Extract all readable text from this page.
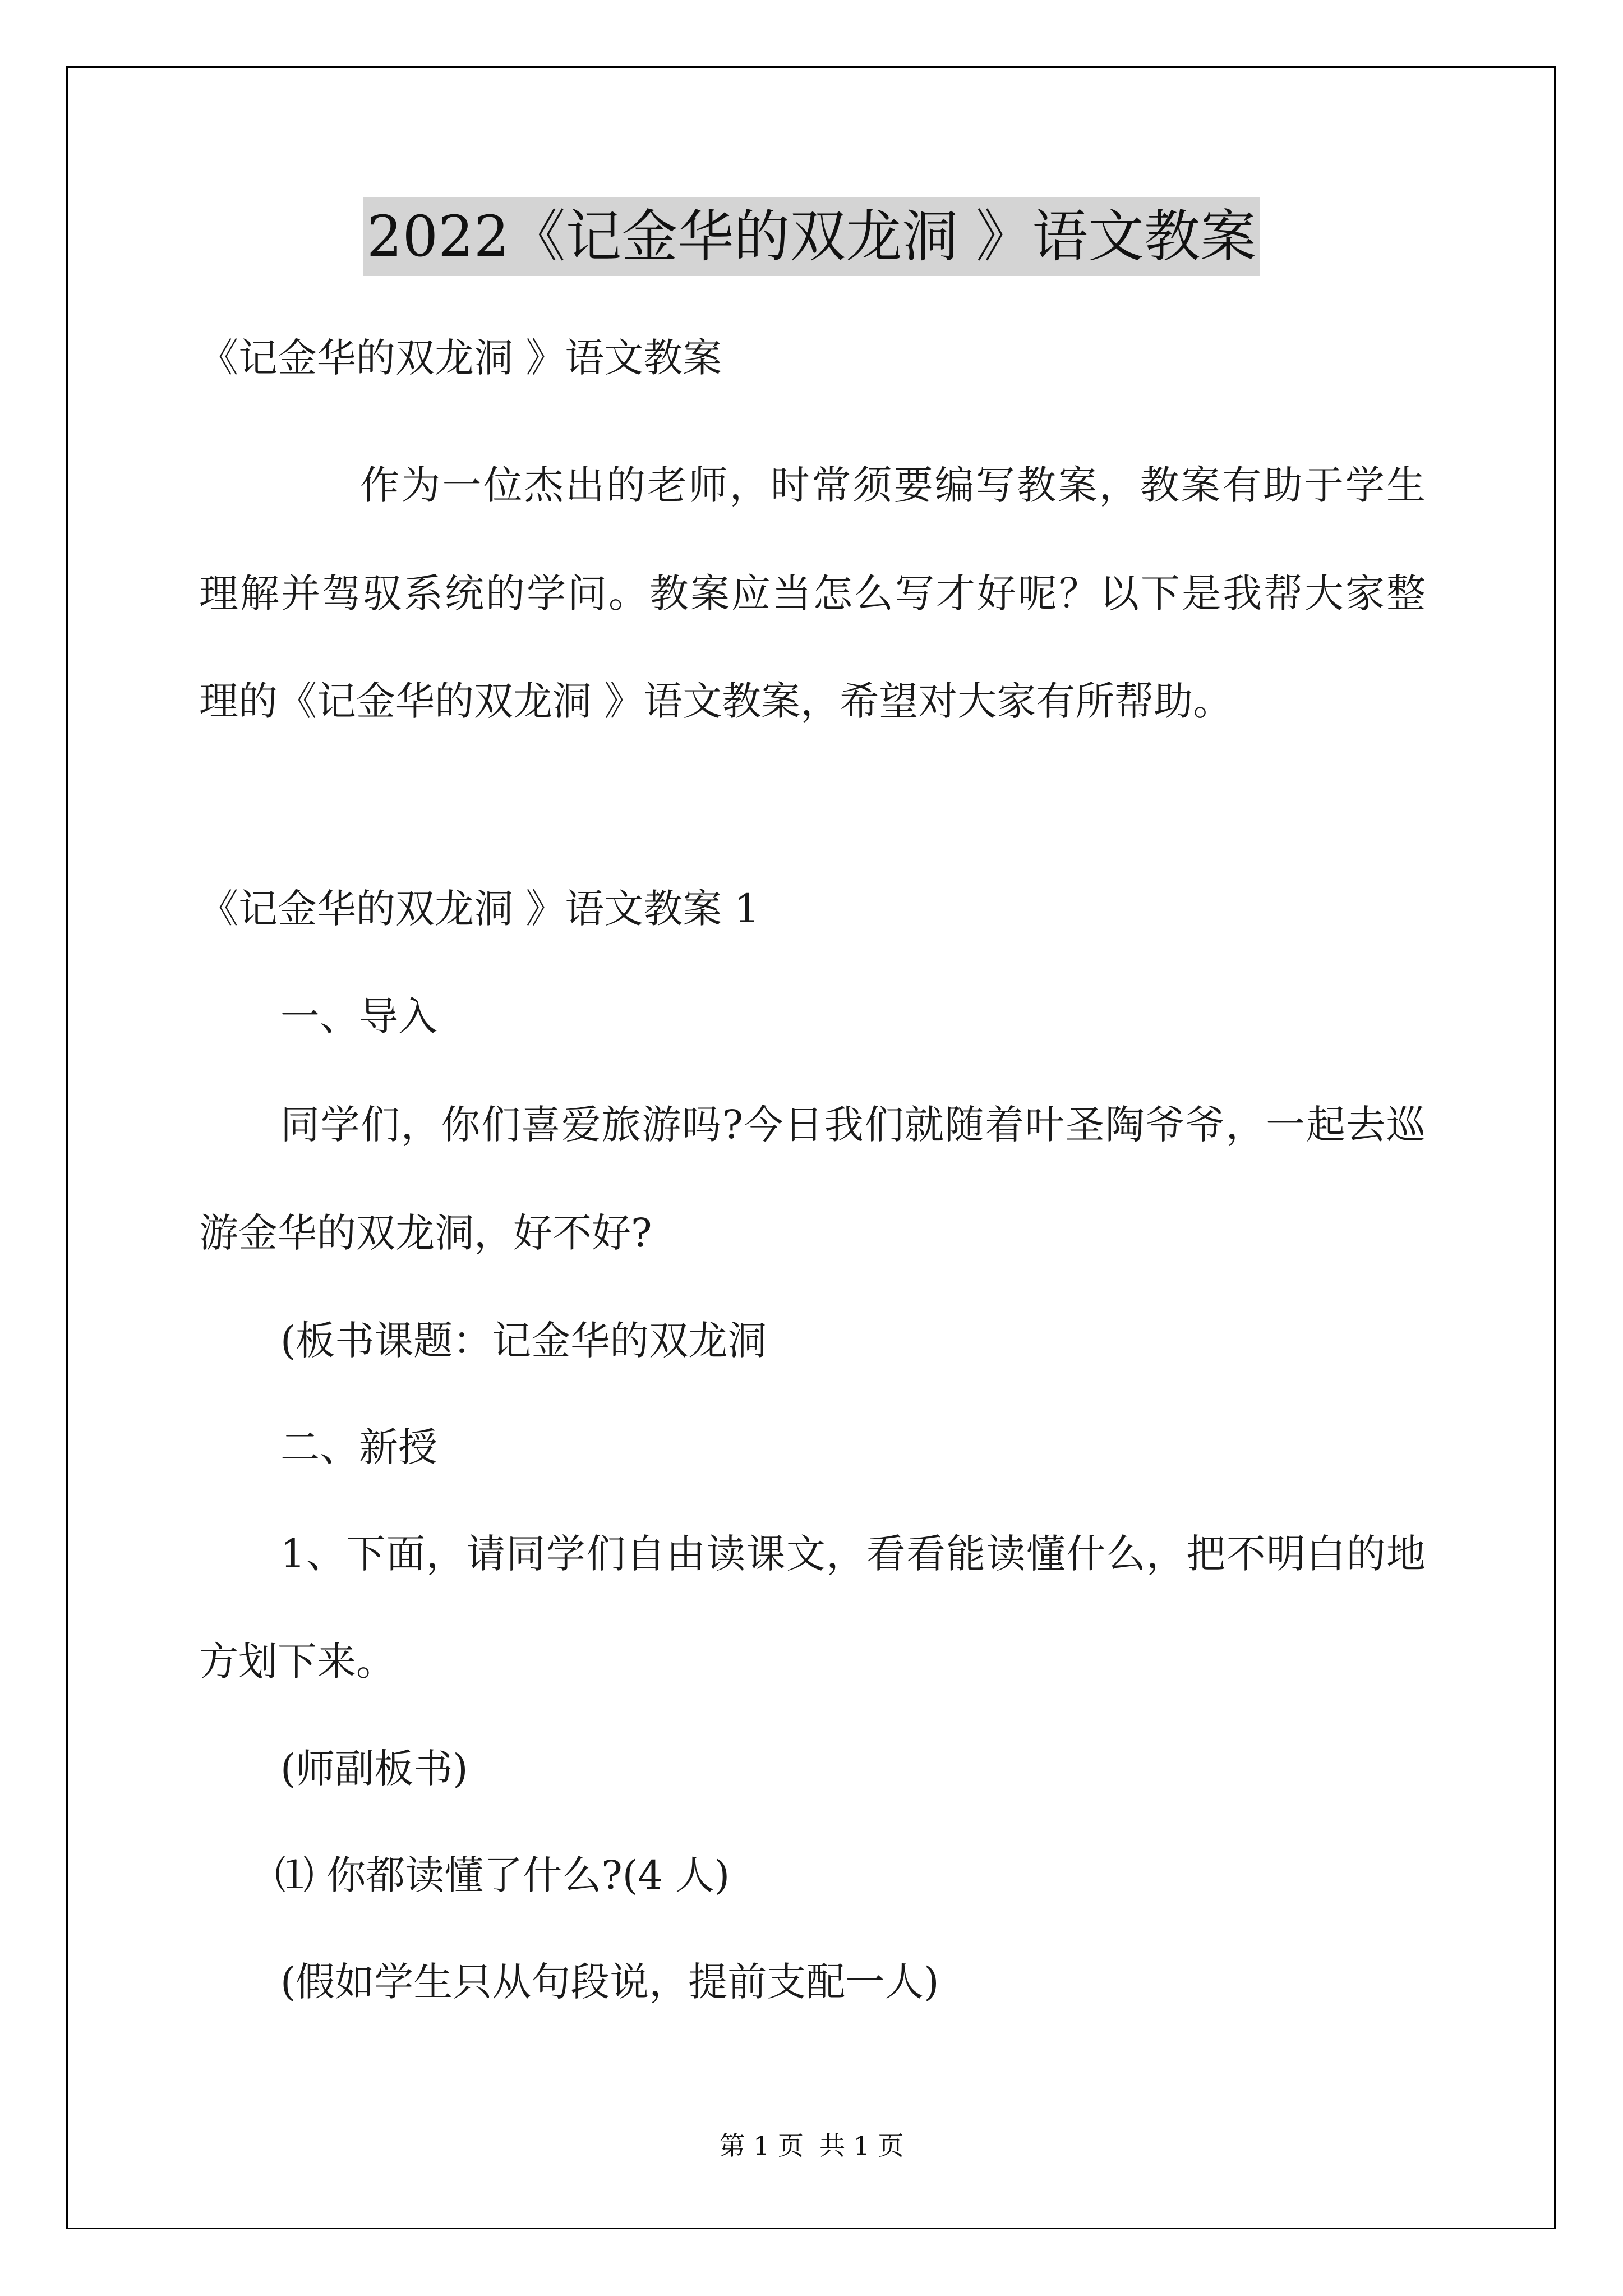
2022《记金华的双龙洞 》语文教案
《记金华的双龙洞 》语文教案
作为一位杰出的老师，时常须要编写教案，教案有助于学生
理解并驾驭系统的学问。教案应当怎么写才好呢？以下是我帮大家整
理的《记金华的双龙洞 》语文教案，希望对大家有所帮助。
《记金华的双龙洞 》语文教案 1
一、导入
同学们，你们喜爱旅游吗?今日我们就随着叶圣陶爷爷，一起去巡
游金华的双龙洞，好不好?
(板书课题：记金华的双龙洞
二、新授
1、下面，请同学们自由读课文，看看能读懂什么，把不明白的地
方划下来。
(师副板书)
⑴ 你都读懂了什么?(4 人)
(假如学生只从句段说，提前支配一人)
第 1 页 共 1 页
